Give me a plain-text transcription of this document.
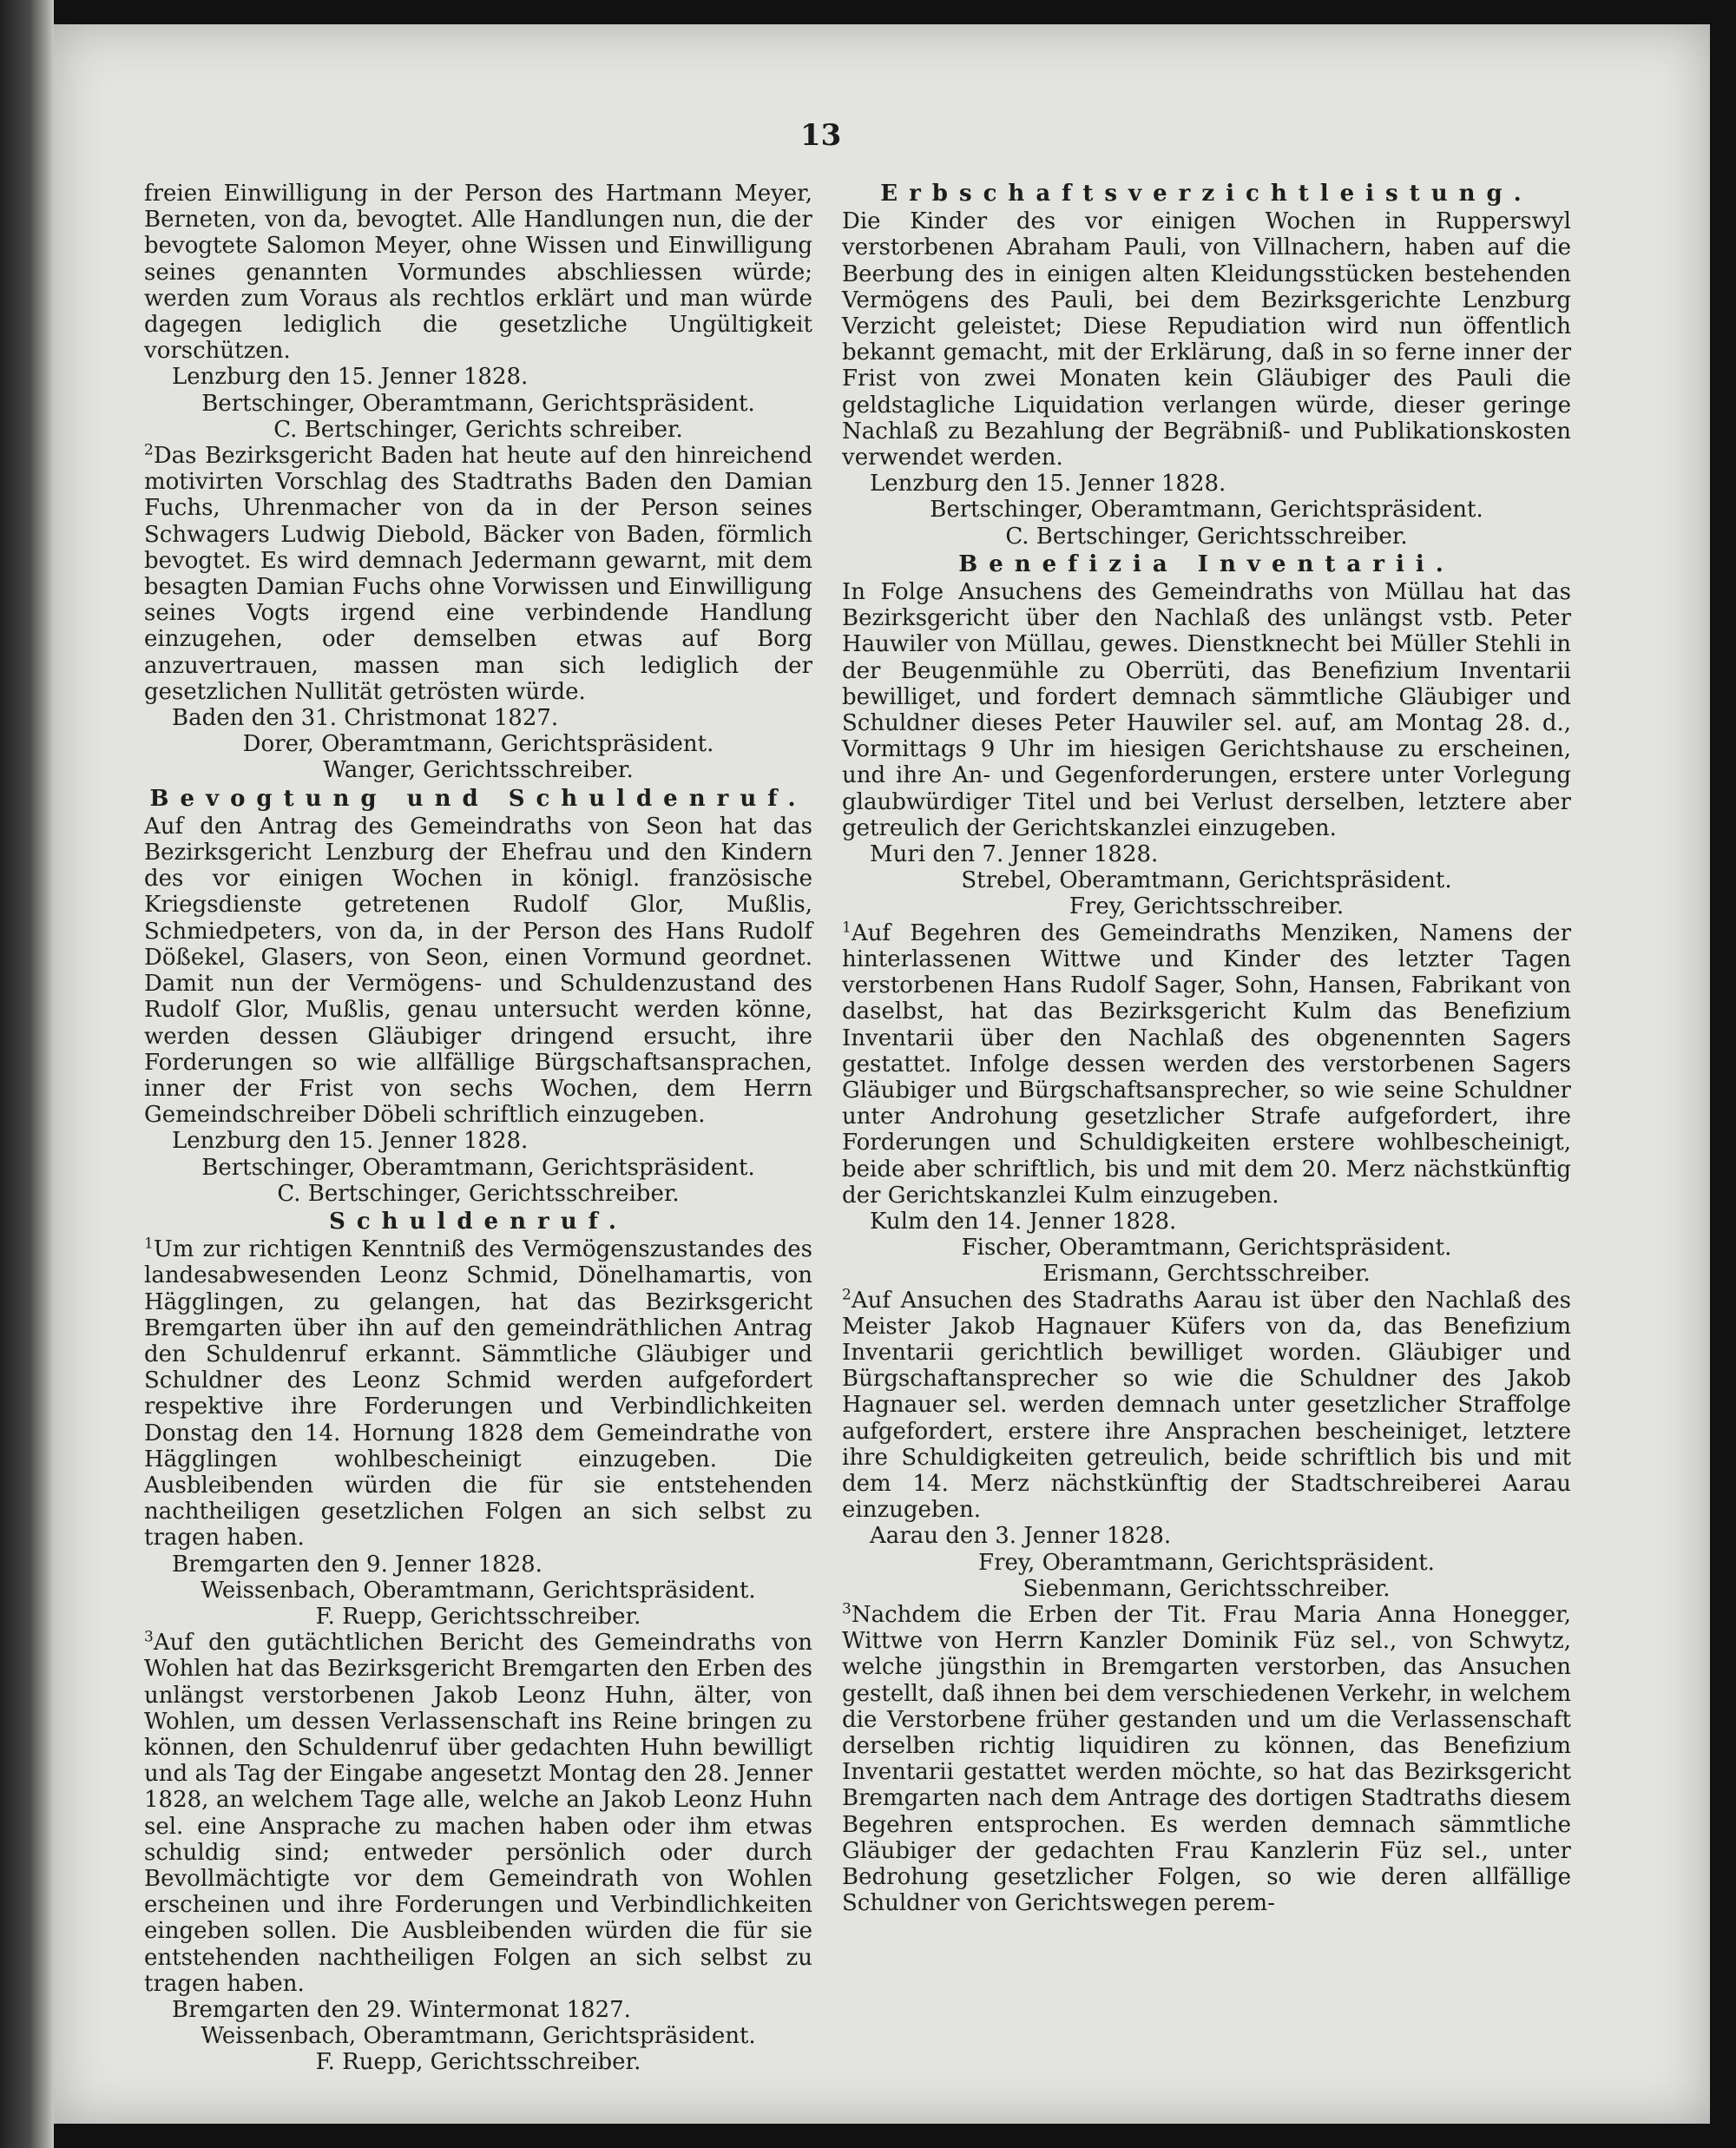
13

freien Einwilligung in der Person des Hartmann Meyer, Berneten, von da, bevogtet. Alle Handlungen nun, die der bevogtete Salomon Meyer, ohne Wissen und Einwilligung seines genannten Vormundes abschliessen würde; werden zum Voraus als rechtlos erklärt und man würde dagegen lediglich die gesetzliche Ungültigkeit vorschützen.

Lenzburg den 15. Jenner 1828.

Bertschinger, Oberamtmann, Gerichtspräsident.

C. Bertschinger, Gerichts schreiber.

$^2$Das Bezirksgericht Baden hat heute auf den hinreichend motivirten Vorschlag des Stadtraths Baden den Damian Fuchs, Uhrenmacher von da in der Person seines Schwagers Ludwig Diebold, Bäcker von Baden, förmlich bevogtet. Es wird demnach Jedermann gewarnt, mit dem besagten Damian Fuchs ohne Vorwissen und Einwilligung seines Vogts irgend eine verbindende Handlung einzugehen, oder demselben etwas auf Borg anzuvertrauen, massen man sich lediglich der gesetzlichen Nullität getrösten würde.

Baden den 31. Christmonat 1827.

Dorer, Oberamtmann, Gerichtspräsident.

Wanger, Gerichtsschreiber.

Bevogtung und Schuldenruf.

Auf den Antrag des Gemeindraths von Seon hat das Bezirksgericht Lenzburg der Ehefrau und den Kindern des vor einigen Wochen in königl. französische Kriegsdienste getretenen Rudolf Glor, Mußlis, Schmiedpeters, von da, in der Person des Hans Rudolf Dößekel, Glasers, von Seon, einen Vormund geordnet. Damit nun der Vermögens- und Schuldenzustand des Rudolf Glor, Mußlis, genau untersucht werden könne, werden dessen Gläubiger dringend ersucht, ihre Forderungen so wie allfällige Bürgschaftsansprachen, inner der Frist von sechs Wochen, dem Herrn Gemeindschreiber Döbeli schriftlich einzugeben.

Lenzburg den 15. Jenner 1828.

Bertschinger, Oberamtmann, Gerichtspräsident.

C. Bertschinger, Gerichtsschreiber.

Schuldenruf.

$^1$Um zur richtigen Kenntniß des Vermögenszustandes des landesabwesenden Leonz Schmid, Dönelhamartis, von Hägglingen, zu gelangen, hat das Bezirksgericht Bremgarten über ihn auf den gemeindräthlichen Antrag den Schuldenruf erkannt. Sämmtliche Gläubiger und Schuldner des Leonz Schmid werden aufgefordert respektive ihre Forderungen und Verbindlichkeiten Donstag den 14. Hornung 1828 dem Gemeindrathe von Hägglingen wohlbescheinigt einzugeben. Die Ausbleibenden würden die für sie entstehenden nachtheiligen gesetzlichen Folgen an sich selbst zu tragen haben.

Bremgarten den 9. Jenner 1828.

Weissenbach, Oberamtmann, Gerichtspräsident.

F. Ruepp, Gerichtsschreiber.

$^3$Auf den gutächtlichen Bericht des Gemeindraths von Wohlen hat das Bezirksgericht Bremgarten den Erben des unlängst verstorbenen Jakob Leonz Huhn, älter, von Wohlen, um dessen Verlassenschaft ins Reine bringen zu können, den Schuldenruf über gedachten Huhn bewilligt und als Tag der Eingabe angesetzt Montag den 28. Jenner 1828, an welchem Tage alle, welche an Jakob Leonz Huhn sel. eine Ansprache zu machen haben oder ihm etwas schuldig sind; entweder persönlich oder durch Bevollmächtigte vor dem Gemeindrath von Wohlen erscheinen und ihre Forderungen und Verbindlichkeiten eingeben sollen. Die Ausbleibenden würden die für sie entstehenden nachtheiligen Folgen an sich selbst zu tragen haben.

Bremgarten den 29. Wintermonat 1827.

Weissenbach, Oberamtmann, Gerichtspräsident.

F. Ruepp, Gerichtsschreiber.

Erbschaftsverzichtleistung.

Die Kinder des vor einigen Wochen in Rupperswyl verstorbenen Abraham Pauli, von Villnachern, haben auf die Beerbung des in einigen alten Kleidungsstücken bestehenden Vermögens des Pauli, bei dem Bezirksgerichte Lenzburg Verzicht geleistet; Diese Repudiation wird nun öffentlich bekannt gemacht, mit der Erklärung, daß in so ferne inner der Frist von zwei Monaten kein Gläubiger des Pauli die geldstagliche Liquidation verlangen würde, dieser geringe Nachlaß zu Bezahlung der Begräbniß- und Publikationskosten verwendet werden.

Lenzburg den 15. Jenner 1828.

Bertschinger, Oberamtmann, Gerichtspräsident.

C. Bertschinger, Gerichtsschreiber.

Benefizia Inventarii.

In Folge Ansuchens des Gemeindraths von Müllau hat das Bezirksgericht über den Nachlaß des unlängst vstb. Peter Hauwiler von Müllau, gewes. Dienstknecht bei Müller Stehli in der Beugenmühle zu Oberrüti, das Benefizium Inventarii bewilliget, und fordert demnach sämmtliche Gläubiger und Schuldner dieses Peter Hauwiler sel. auf, am Montag 28. d., Vormittags 9 Uhr im hiesigen Gerichtshause zu erscheinen, und ihre An- und Gegenforderungen, erstere unter Vorlegung glaubwürdiger Titel und bei Verlust derselben, letztere aber getreulich der Gerichtskanzlei einzugeben.

Muri den 7. Jenner 1828.

Strebel, Oberamtmann, Gerichtspräsident.

Frey, Gerichtsschreiber.

$^1$Auf Begehren des Gemeindraths Menziken, Namens der hinterlassenen Wittwe und Kinder des letzter Tagen verstorbenen Hans Rudolf Sager, Sohn, Hansen, Fabrikant von daselbst, hat das Bezirksgericht Kulm das Benefizium Inventarii über den Nachlaß des obgenennten Sagers gestattet. Infolge dessen werden des verstorbenen Sagers Gläubiger und Bürgschaftsansprecher, so wie seine Schuldner unter Androhung gesetzlicher Strafe aufgefordert, ihre Forderungen und Schuldigkeiten erstere wohlbescheinigt, beide aber schriftlich, bis und mit dem 20. Merz nächstkünftig der Gerichtskanzlei Kulm einzugeben.

Kulm den 14. Jenner 1828.

Fischer, Oberamtmann, Gerichtspräsident.

Erismann, Gerchtsschreiber.

$^2$Auf Ansuchen des Stadraths Aarau ist über den Nachlaß des Meister Jakob Hagnauer Küfers von da, das Benefizium Inventarii gerichtlich bewilliget worden. Gläubiger und Bürgschaftansprecher so wie die Schuldner des Jakob Hagnauer sel. werden demnach unter gesetzlicher Straffolge aufgefordert, erstere ihre Ansprachen bescheiniget, letztere ihre Schuldigkeiten getreulich, beide schriftlich bis und mit dem 14. Merz nächstkünftig der Stadtschreiberei Aarau einzugeben.

Aarau den 3. Jenner 1828.

Frey, Oberamtmann, Gerichtspräsident.

Siebenmann, Gerichtsschreiber.

$^3$Nachdem die Erben der Tit. Frau Maria Anna Honegger, Wittwe von Herrn Kanzler Dominik Füz sel., von Schwytz, welche jüngsthin in Bremgarten verstorben, das Ansuchen gestellt, daß ihnen bei dem verschiedenen Verkehr, in welchem die Verstorbene früher gestanden und um die Verlassenschaft derselben richtig liquidiren zu können, das Benefizium Inventarii gestattet werden möchte, so hat das Bezirksgericht Bremgarten nach dem Antrage des dortigen Stadtraths diesem Begehren entsprochen. Es werden demnach sämmtliche Gläubiger der gedachten Frau Kanzlerin Füz sel., unter Bedrohung gesetzlicher Folgen, so wie deren allfällige Schuldner von Gerichtswegen perem-
